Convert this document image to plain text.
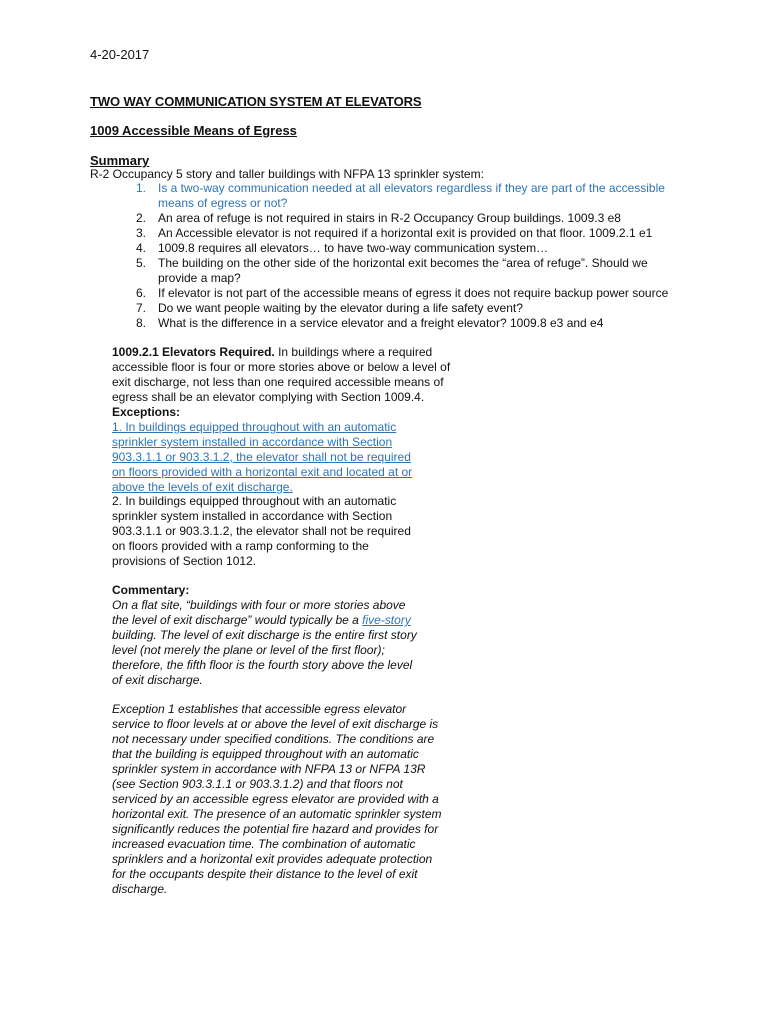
4-20-2017
TWO WAY COMMUNICATION SYSTEM AT ELEVATORS
1009 Accessible Means of Egress
Summary
R-2 Occupancy 5 story and taller buildings with NFPA 13 sprinkler system:
1. Is a two-way communication needed at all elevators regardless if they are part of the accessible means of egress or not?
2. An area of refuge is not required in stairs in R-2 Occupancy Group buildings. 1009.3 e8
3. An Accessible elevator is not required if a horizontal exit is provided on that floor. 1009.2.1 e1
4. 1009.8 requires all elevators… to have two-way communication system…
5. The building on the other side of the horizontal exit becomes the “area of refuge”. Should we provide a map?
6. If elevator is not part of the accessible means of egress it does not require backup power source
7. Do we want people waiting by the elevator during a life safety event?
8. What is the difference in a service elevator and a freight elevator? 1009.8 e3 and e4
1009.2.1 Elevators Required. In buildings where a required accessible floor is four or more stories above or below a level of exit discharge, not less than one required accessible means of egress shall be an elevator complying with Section 1009.4.
Exceptions:
1. In buildings equipped throughout with an automatic sprinkler system installed in accordance with Section 903.3.1.1 or 903.3.1.2, the elevator shall not be required on floors provided with a horizontal exit and located at or above the levels of exit discharge.
2. In buildings equipped throughout with an automatic sprinkler system installed in accordance with Section 903.3.1.1 or 903.3.1.2, the elevator shall not be required on floors provided with a ramp conforming to the provisions of Section 1012.
Commentary:
On a flat site, “buildings with four or more stories above the level of exit discharge” would typically be a five-story building. The level of exit discharge is the entire first story level (not merely the plane or level of the first floor); therefore, the fifth floor is the fourth story above the level of exit discharge.
Exception 1 establishes that accessible egress elevator service to floor levels at or above the level of exit discharge is not necessary under specified conditions. The conditions are that the building is equipped throughout with an automatic sprinkler system in accordance with NFPA 13 or NFPA 13R (see Section 903.3.1.1 or 903.3.1.2) and that floors not serviced by an accessible egress elevator are provided with a horizontal exit. The presence of an automatic sprinkler system significantly reduces the potential fire hazard and provides for increased evacuation time. The combination of automatic sprinklers and a horizontal exit provides adequate protection for the occupants despite their distance to the level of exit discharge.
